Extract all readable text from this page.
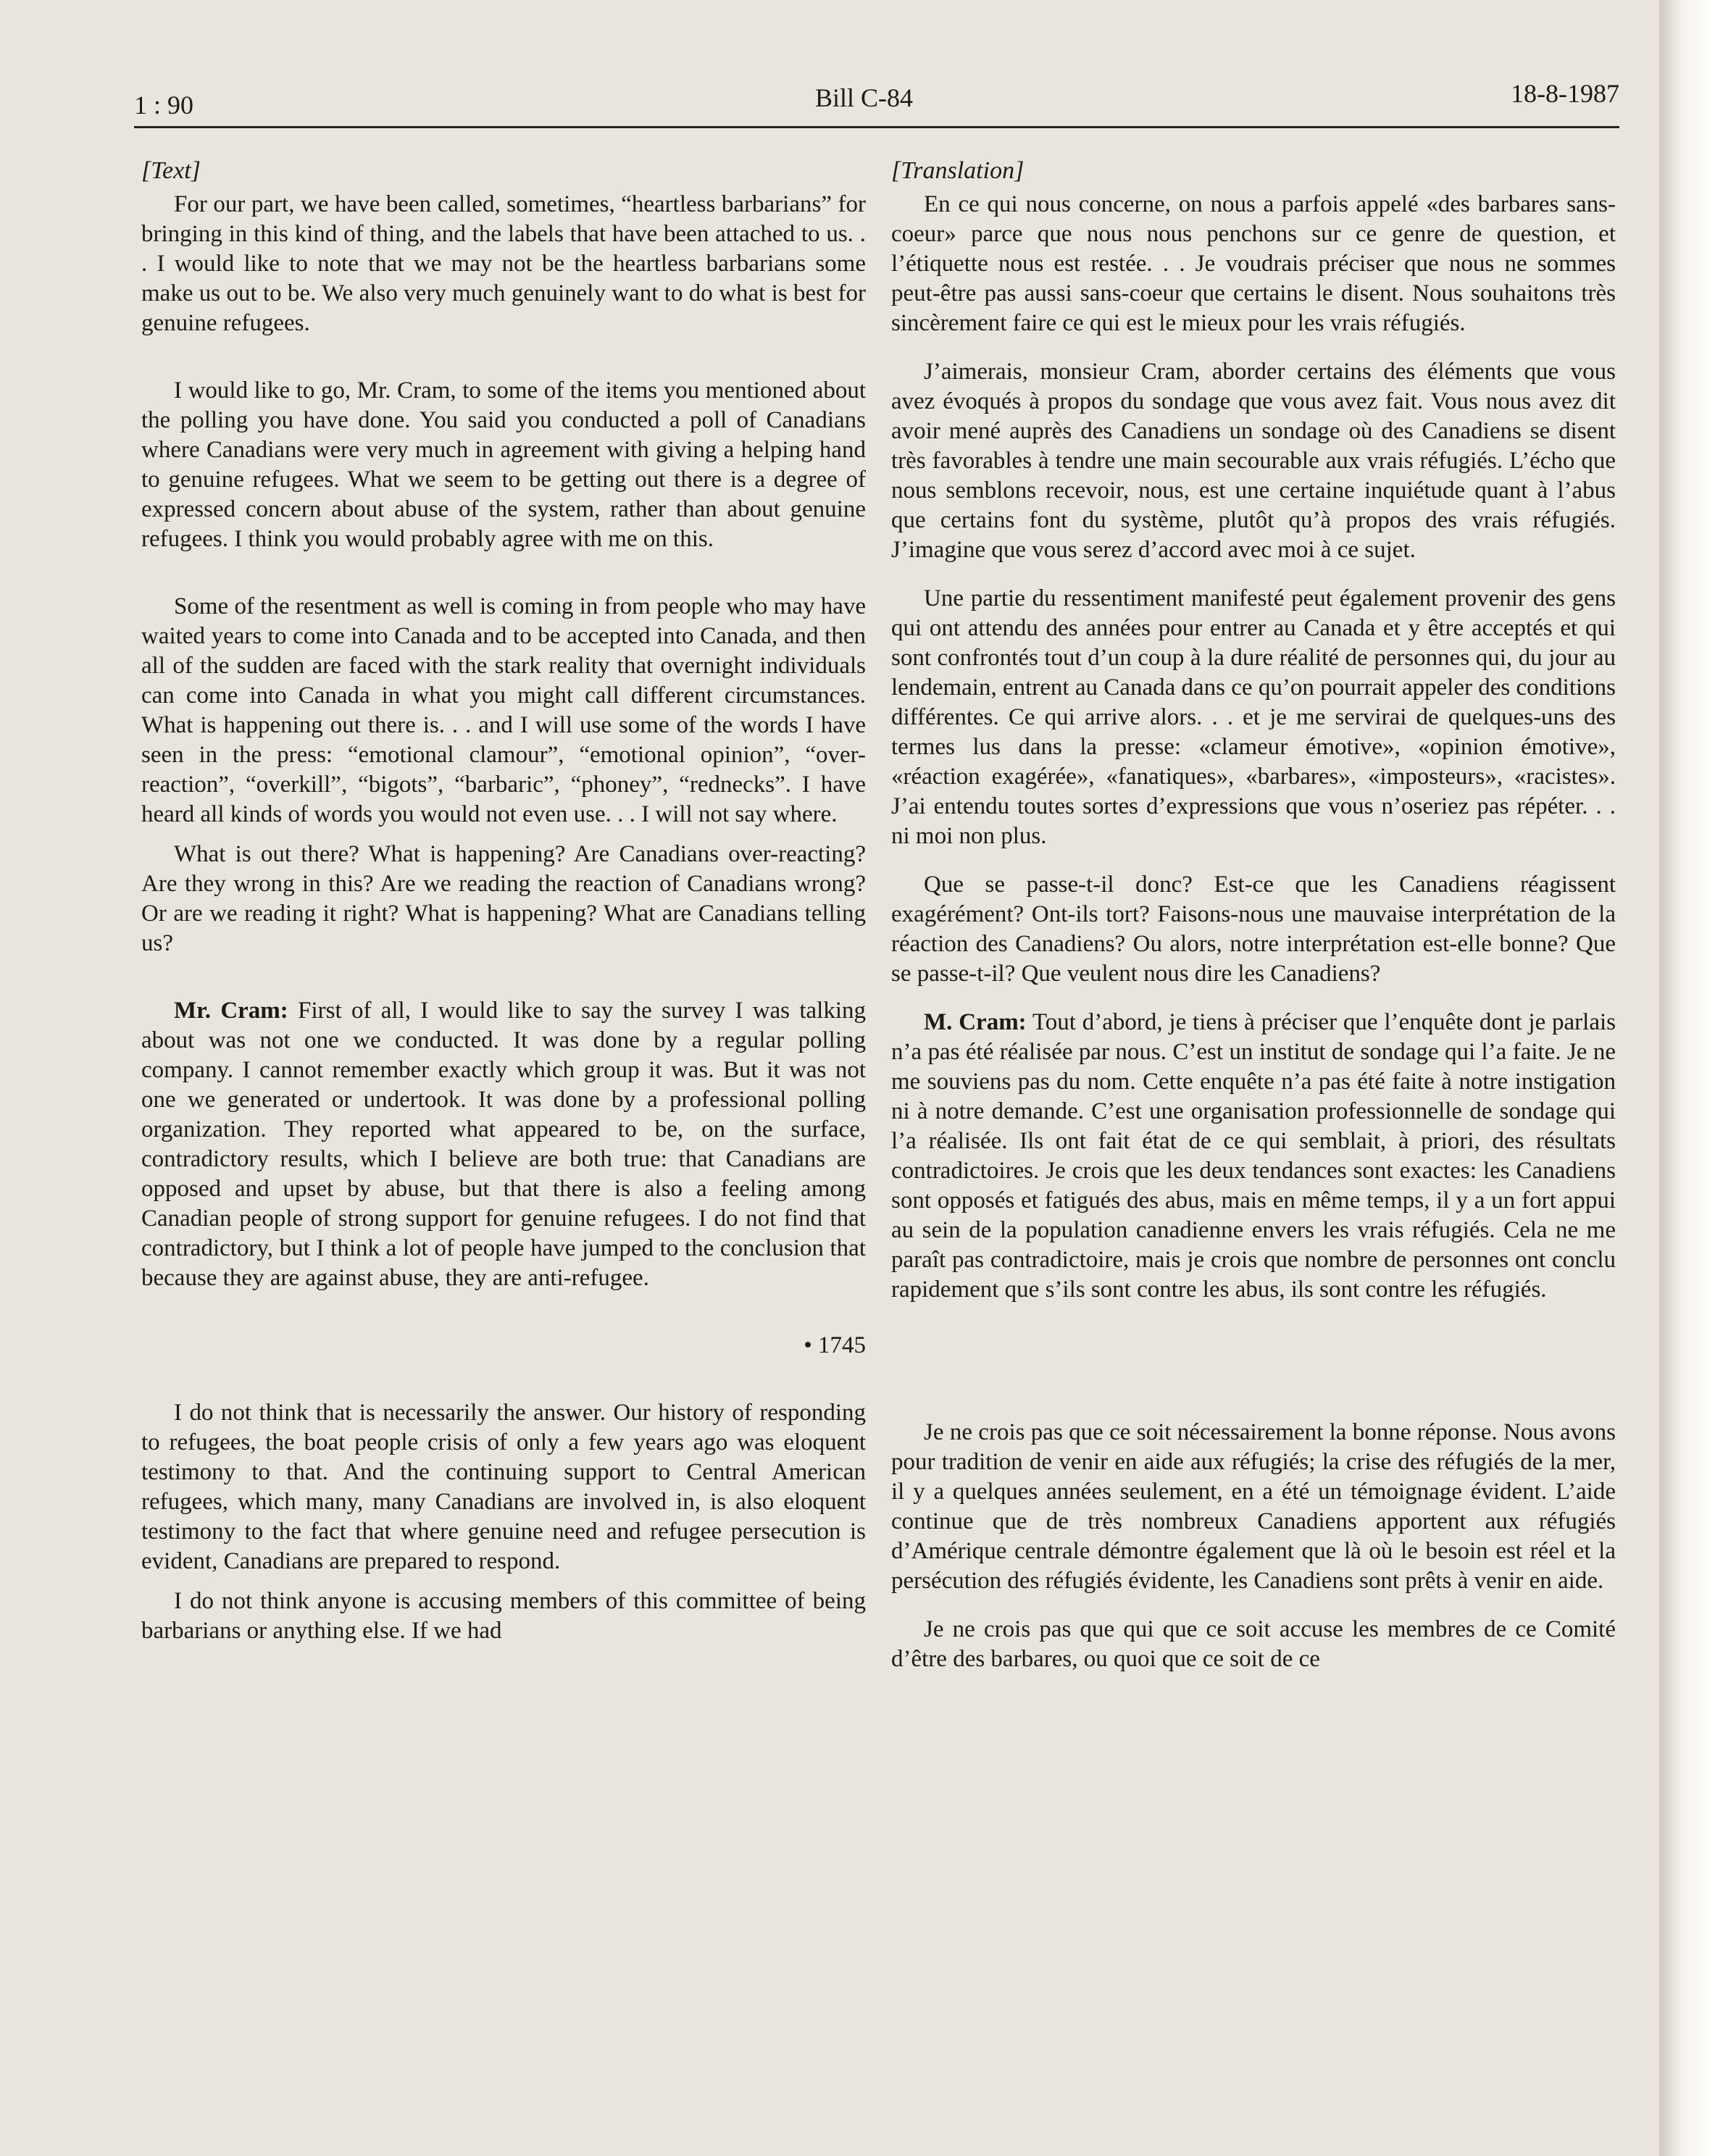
1 : 90	Bill C-84	18-8-1987
[Text]

For our part, we have been called, sometimes, “heartless barbarians” for bringing in this kind of thing, and the labels that have been attached to us. . . I would like to note that we may not be the heartless barbarians some make us out to be. We also very much genuinely want to do what is best for genuine refugees.

I would like to go, Mr. Cram, to some of the items you mentioned about the polling you have done. You said you conducted a poll of Canadians where Canadians were very much in agreement with giving a helping hand to genuine refugees. What we seem to be getting out there is a degree of expressed concern about abuse of the system, rather than about genuine refugees. I think you would probably agree with me on this.

Some of the resentment as well is coming in from people who may have waited years to come into Canada and to be accepted into Canada, and then all of the sudden are faced with the stark reality that overnight individuals can come into Canada in what you might call different circumstances. What is happening out there is. . . and I will use some of the words I have seen in the press: “emotional clamour”, “emotional opinion”, “over-reaction”, “overkill”, “bigots”, “barbaric”, “phoney”, “rednecks”. I have heard all kinds of words you would not even use. . . I will not say where.

What is out there? What is happening? Are Canadians over-reacting? Are they wrong in this? Are we reading the reaction of Canadians wrong? Or are we reading it right? What is happening? What are Canadians telling us?

Mr. Cram: First of all, I would like to say the survey I was talking about was not one we conducted. It was done by a regular polling company. I cannot remember exactly which group it was. But it was not one we generated or undertook. It was done by a professional polling organization. They reported what appeared to be, on the surface, contradictory results, which I believe are both true: that Canadians are opposed and upset by abuse, but that there is also a feeling among Canadian people of strong support for genuine refugees. I do not find that contradictory, but I think a lot of people have jumped to the conclusion that because they are against abuse, they are anti-refugee.

• 1745

I do not think that is necessarily the answer. Our history of responding to refugees, the boat people crisis of only a few years ago was eloquent testimony to that. And the continuing support to Central American refugees, which many, many Canadians are involved in, is also eloquent testimony to the fact that where genuine need and refugee persecution is evident, Canadians are prepared to respond.

I do not think anyone is accusing members of this committee of being barbarians or anything else. If we had

[Translation]

En ce qui nous concerne, on nous a parfois appelé «des barbares sans-coeur» parce que nous nous penchons sur ce genre de question, et l’étiquette nous est restée. . . Je voudrais préciser que nous ne sommes peut-être pas aussi sans-coeur que certains le disent. Nous souhaitons très sincèrement faire ce qui est le mieux pour les vrais réfugiés.

J’aimerais, monsieur Cram, aborder certains des éléments que vous avez évoqués à propos du sondage que vous avez fait. Vous nous avez dit avoir mené auprès des Canadiens un sondage où des Canadiens se disent très favorables à tendre une main secourable aux vrais réfugiés. L’écho que nous semblons recevoir, nous, est une certaine inquiétude quant à l’abus que certains font du système, plutôt qu’à propos des vrais réfugiés. J’imagine que vous serez d’accord avec moi à ce sujet.

Une partie du ressentiment manifesté peut également provenir des gens qui ont attendu des années pour entrer au Canada et y être acceptés et qui sont confrontés tout d’un coup à la dure réalité de personnes qui, du jour au lendemain, entrent au Canada dans ce qu’on pourrait appeler des conditions différentes. Ce qui arrive alors. . . et je me servirai de quelques-uns des termes lus dans la presse: «clameur émotive», «opinion émotive», «réaction exagérée», «fanatiques», «barbares», «imposteurs», «racistes». J’ai entendu toutes sortes d’expressions que vous n’oseriez pas répéter. . . ni moi non plus.

Que se passe-t-il donc? Est-ce que les Canadiens réagissent exagérément? Ont-ils tort? Faisons-nous une mauvaise interprétation de la réaction des Canadiens? Ou alors, notre interprétation est-elle bonne? Que se passe-t-il? Que veulent nous dire les Canadiens?

M. Cram: Tout d’abord, je tiens à préciser que l’enquête dont je parlais n’a pas été réalisée par nous. C’est un institut de sondage qui l’a faite. Je ne me souviens pas du nom. Cette enquête n’a pas été faite à notre instigation ni à notre demande. C’est une organisation professionnelle de sondage qui l’a réalisée. Ils ont fait état de ce qui semblait, à priori, des résultats contradictoires. Je crois que les deux tendances sont exactes: les Canadiens sont opposés et fatigués des abus, mais en même temps, il y a un fort appui au sein de la population canadienne envers les vrais réfugiés. Cela ne me paraît pas contradictoire, mais je crois que nombre de personnes ont conclu rapidement que s’ils sont contre les abus, ils sont contre les réfugiés.

Je ne crois pas que ce soit nécessairement la bonne réponse. Nous avons pour tradition de venir en aide aux réfugiés; la crise des réfugiés de la mer, il y a quelques années seulement, en a été un témoignage évident. L’aide continue que de très nombreux Canadiens apportent aux réfugiés d’Amérique centrale démontre également que là où le besoin est réel et la persécution des réfugiés évidente, les Canadiens sont prêts à venir en aide.

Je ne crois pas que qui que ce soit accuse les membres de ce Comité d’être des barbares, ou quoi que ce soit de ce
